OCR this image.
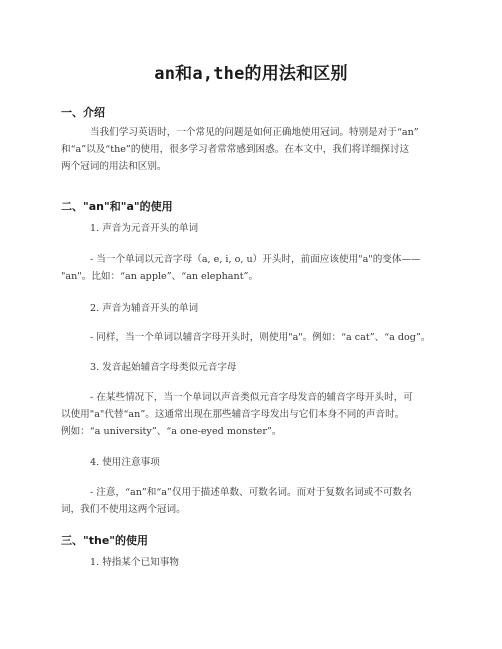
an和a,the的用法和区别
一、介绍
当我们学习英语时，一个常见的问题是如何正确地使用冠词。特别是对于“an”
和“a”以及“the”的使用，很多学习者常常感到困惑。在本文中，我们将详细探讨这
两个冠词的用法和区别。
二、"an"和"a"的使用
1. 声音为元音开头的单词
- 当一个单词以元音字母（a, e, i, o, u）开头时，前面应该使用"a"的变体——
"an"。比如：“an apple”、“an elephant”。
2. 声音为辅音开头的单词
- 同样，当一个单词以辅音字母开头时，则使用"a"。例如：“a cat”、“a dog”。
3. 发音起始辅音字母类似元音字母
- 在某些情况下，当一个单词以声音类似元音字母发音的辅音字母开头时，可
以使用"a"代替“an”。这通常出现在那些辅音字母发出与它们本身不同的声音时。
例如：“a university”、“a one-eyed monster”。
4. 使用注意事项
- 注意，“an”和“a”仅用于描述单数、可数名词。而对于复数名词或不可数名
词，我们不使用这两个冠词。
三、"the"的使用
1. 特指某个已知事物
